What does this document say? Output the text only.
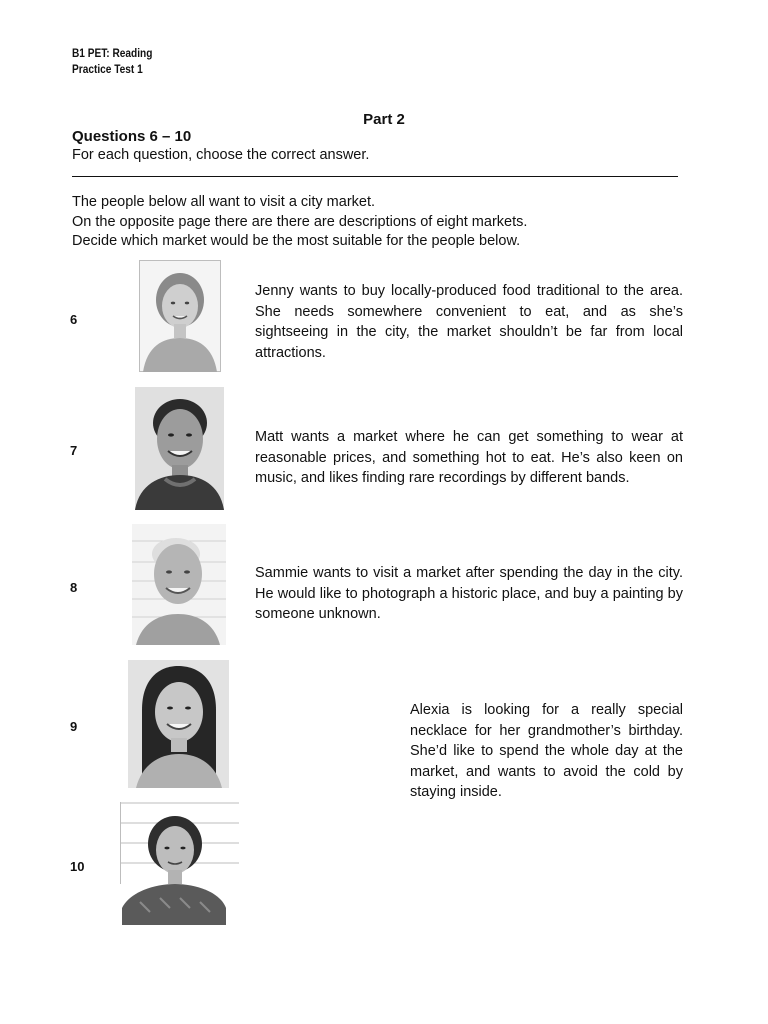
B1 PET: Reading
Practice Test 1
Part 2
Questions 6 – 10
For each question, choose the correct answer.
The people below all want to visit a city market.
On the opposite page there are there are descriptions of eight markets.
Decide which market would be the most suitable for the people below.
6
Jenny wants to buy locally-produced food traditional to the area. She needs somewhere convenient to eat, and as she’s sightseeing in the city, the market shouldn’t be far from local attractions.
7
Matt wants a market where he can get something to wear at reasonable prices, and something hot to eat. He’s also keen on music, and likes finding rare recordings by different bands.
8
Sammie wants to visit a market after spending the day in the city. He would like to photograph a historic place, and buy a painting by someone unknown.
9
Alexia is looking for a really special necklace for her grandmother’s birthday. She’d like to spend the whole day at the market, and wants to avoid the cold by staying inside.
10
